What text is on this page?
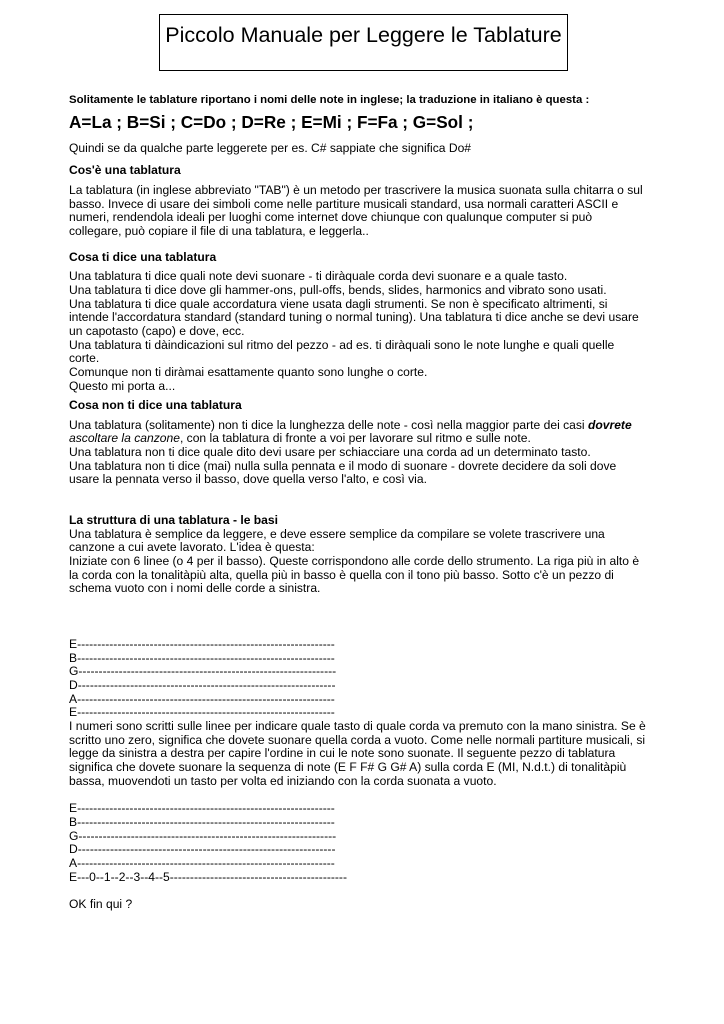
Piccolo Manuale per Leggere le Tablature

Solitamente le tablature riportano i nomi delle note in inglese; la traduzione in italiano è questa :

A=La ; B=Si ; C=Do ; D=Re ; E=Mi ; F=Fa ; G=Sol ;

Quindi se da qualche parte leggerete per es. C# sappiate che significa Do#

Cos'è una tablatura

La tablatura (in inglese abbreviato "TAB") è un metodo per trascrivere la musica suonata sulla chitarra o sul
basso. Invece di usare dei simboli come nelle partiture musicali standard, usa normali caratteri ASCII e
numeri, rendendola ideali per luoghi come internet dove chiunque con qualunque computer si può
collegare, può copiare il file di una tablatura, e leggerla..

Cosa ti dice una tablatura

Una tablatura ti dice quali note devi suonare - ti diràquale corda devi suonare e a quale tasto.
Una tablatura ti dice dove gli hammer-ons, pull-offs, bends, slides, harmonics and vibrato sono usati.
Una tablatura ti dice quale accordatura viene usata dagli strumenti. Se non è specificato altrimenti, si
intende l'accordatura standard (standard tuning o normal tuning). Una tablatura ti dice anche se devi usare
un capotasto (capo) e dove, ecc.
Una tablatura ti dàindicazioni sul ritmo del pezzo - ad es. ti diràquali sono le note lunghe e quali quelle
corte.
Comunque non ti diràmai esattamente quanto sono lunghe o corte.
Questo mi porta a...

Cosa non ti dice una tablatura

Una tablatura (solitamente) non ti dice la lunghezza delle note - così nella maggior parte dei casi dovrete
ascoltare la canzone, con la tablatura di fronte a voi per lavorare sul ritmo e sulle note.
Una tablatura non ti dice quale dito devi usare per schiacciare una corda ad un determinato tasto.
Una tablatura non ti dice (mai) nulla sulla pennata e il modo di suonare - dovrete decidere da soli dove
usare la pennata verso il basso, dove quella verso l'alto, e così via.

La struttura di una tablatura - le basi

Una tablatura è semplice da leggere, e deve essere semplice da compilare se volete trascrivere una
canzone a cui avete lavorato. L'idea è questa:
Iniziate con 6 linee (o 4 per il basso). Queste corrispondono alle corde dello strumento. La riga più in alto è
la corda con la tonalitàpiù alta, quella più in basso è quella con il tono più basso. Sotto c'è un pezzo di
schema vuoto con i nomi delle corde a sinistra.
E----------------------------------------------------------------
B----------------------------------------------------------------
G----------------------------------------------------------------
D----------------------------------------------------------------
A----------------------------------------------------------------
E----------------------------------------------------------------
I numeri sono scritti sulle linee per indicare quale tasto di quale corda va premuto con la mano sinistra. Se è
scritto uno zero, significa che dovete suonare quella corda a vuoto. Come nelle normali partiture musicali, si
legge da sinistra a destra per capire l'ordine in cui le note sono suonate. Il seguente pezzo di tablatura
significa che dovete suonare la sequenza di note (E F F# G G# A) sulla corda E (MI, N.d.t.) di tonalitàpiù
bassa, muovendoti un tasto per volta ed iniziando con la corda suonata a vuoto.
E----------------------------------------------------------------
B----------------------------------------------------------------
G----------------------------------------------------------------
D----------------------------------------------------------------
A----------------------------------------------------------------
E---0--1--2--3--4--5--------------------------------------------

OK fin qui ?
